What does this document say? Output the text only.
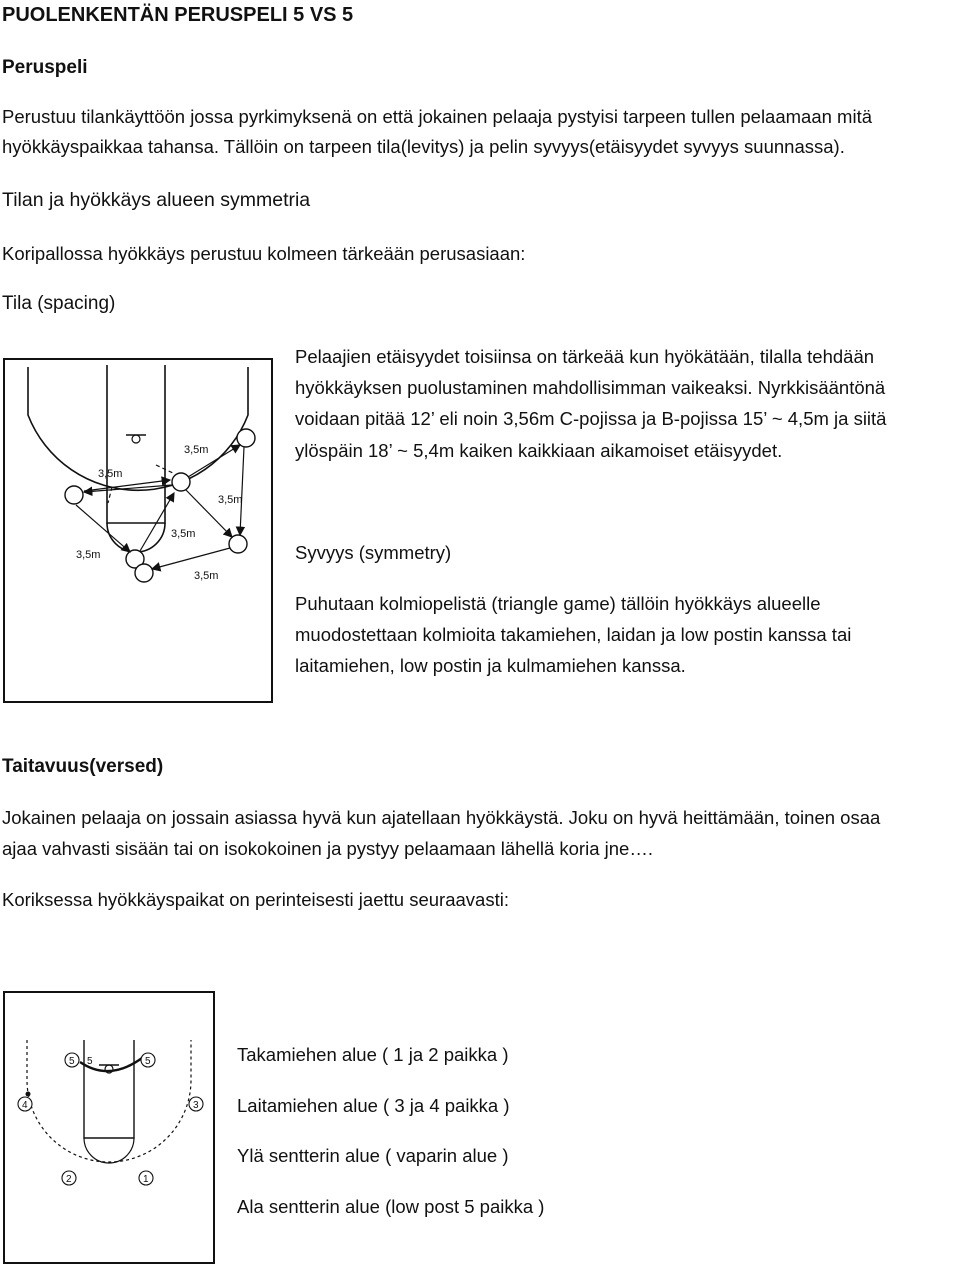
PUOLENKENTÄN PERUSPELI 5 VS 5
Peruspeli
Perustuu tilankäyttöön jossa pyrkimyksenä on että jokainen pelaaja pystyisi tarpeen tullen pelaamaan mitä
hyökkäyspaikkaa tahansa. Tällöin on tarpeen tila(levitys) ja pelin syvyys(etäisyydet syvyys suunnassa).
Tilan ja hyökkäys alueen symmetria
Koripallossa hyökkäys perustuu kolmeen tärkeään perusasiaan:
Tila (spacing)
Pelaajien etäisyydet toisiinsa on tärkeää kun hyökätään, tilalla tehdään
hyökkäyksen puolustaminen mahdollisimman vaikeaksi. Nyrkkisääntönä
voidaan pitää 12’ eli noin 3,56m C-pojissa ja B-pojissa 15’ ~ 4,5m ja siitä
ylöspäin 18’ ~ 5,4m kaiken kaikkiaan aikamoiset etäisyydet.
Syvyys (symmetry)
Puhutaan kolmiopelistä (triangle game) tällöin hyökkäys alueelle
muodostettaan kolmioita takamiehen, laidan ja low postin kanssa tai
laitamiehen, low postin ja kulmamiehen kanssa.
Taitavuus(versed)
Jokainen pelaaja on jossain asiassa hyvä kun ajatellaan hyökkäystä. Joku on hyvä heittämään, toinen osaa
ajaa vahvasti sisään tai on isokokoinen ja pystyy pelaamaan lähellä koria jne….
Koriksessa hyökkäyspaikat on perinteisesti jaettu seuraavasti:
Takamiehen alue ( 1 ja 2 paikka )
Laitamiehen alue ( 3 ja 4 paikka )
Ylä sentterin alue ( vaparin alue )
Ala sentterin alue (low post 5 paikka )
3,5m
3,5m
3,5m
3,5m
3,5m
3,5m
5 5	5
4	3
2	1
